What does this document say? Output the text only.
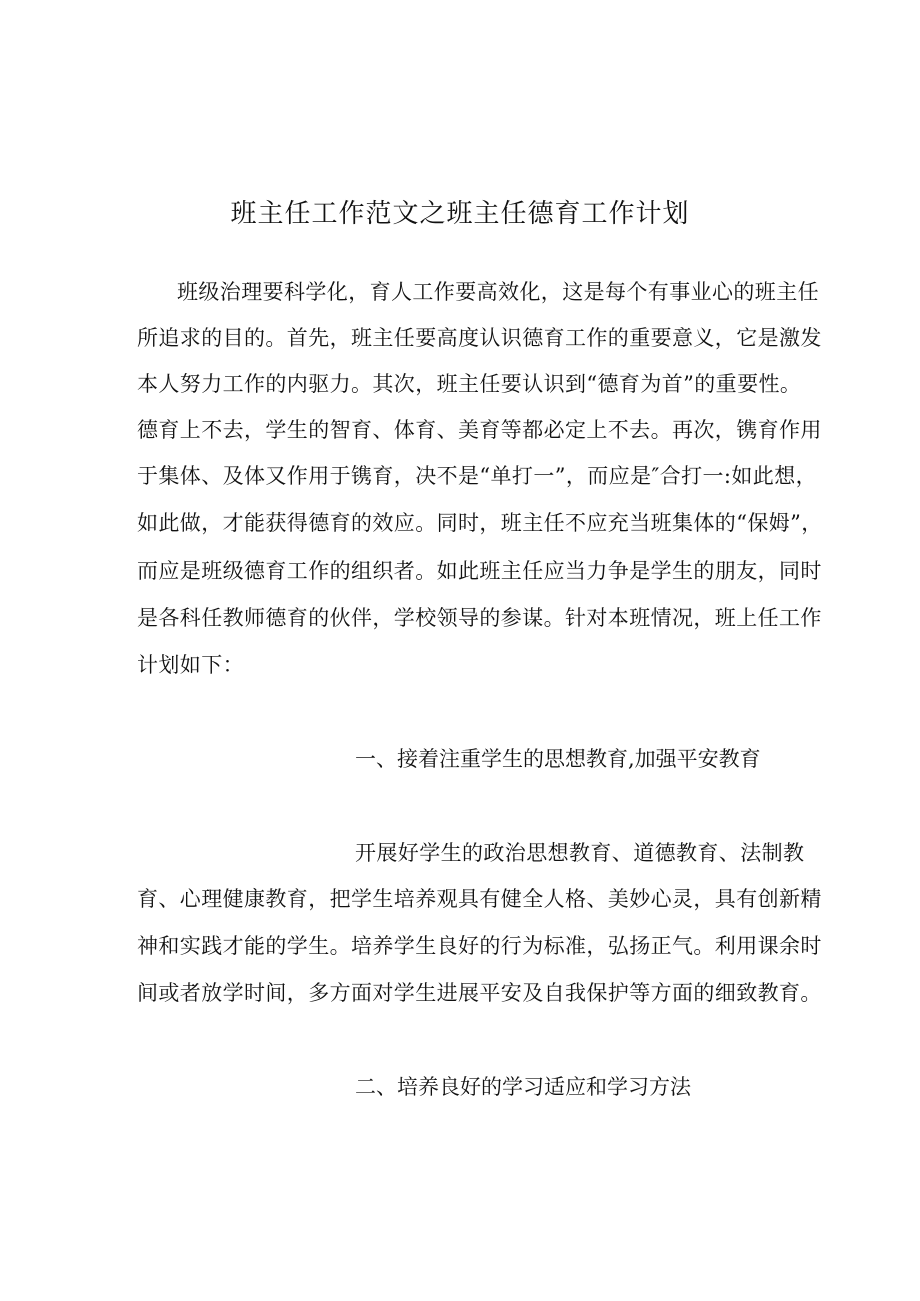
班主任工作范文之班主任德育工作计划
班级治理要科学化，育人工作要高效化，这是每个有事业心的班主任
所追求的目的。首先，班主任要高度认识德育工作的重要意义，它是激发
本人努力工作的内驱力。其次，班主任要认识到“德育为首”的重要性。
德育上不去，学生的智育、体育、美育等都必定上不去。再次，镌育作用
于集体、及体又作用于镌育，决不是“单打一”，而应是″合打一:如此想，
如此做，才能获得德育的效应。同时，班主任不应充当班集体的“保姆”，
而应是班级德育工作的组织者。如此班主任应当力争是学生的朋友，同时
是各科任教师德育的伙伴，学校领导的参谋。针对本班情况，班上任工作
计划如下：
一、接着注重学生的思想教育,加强平安教育
开展好学生的政治思想教育、道德教育、法制教
育、心理健康教育，把学生培养观具有健全人格、美妙心灵，具有创新精
神和实践才能的学生。培养学生良好的行为标准，弘扬正气。利用课余时
间或者放学时间，多方面对学生进展平安及自我保护等方面的细致教育。
二、培养良好的学习适应和学习方法
